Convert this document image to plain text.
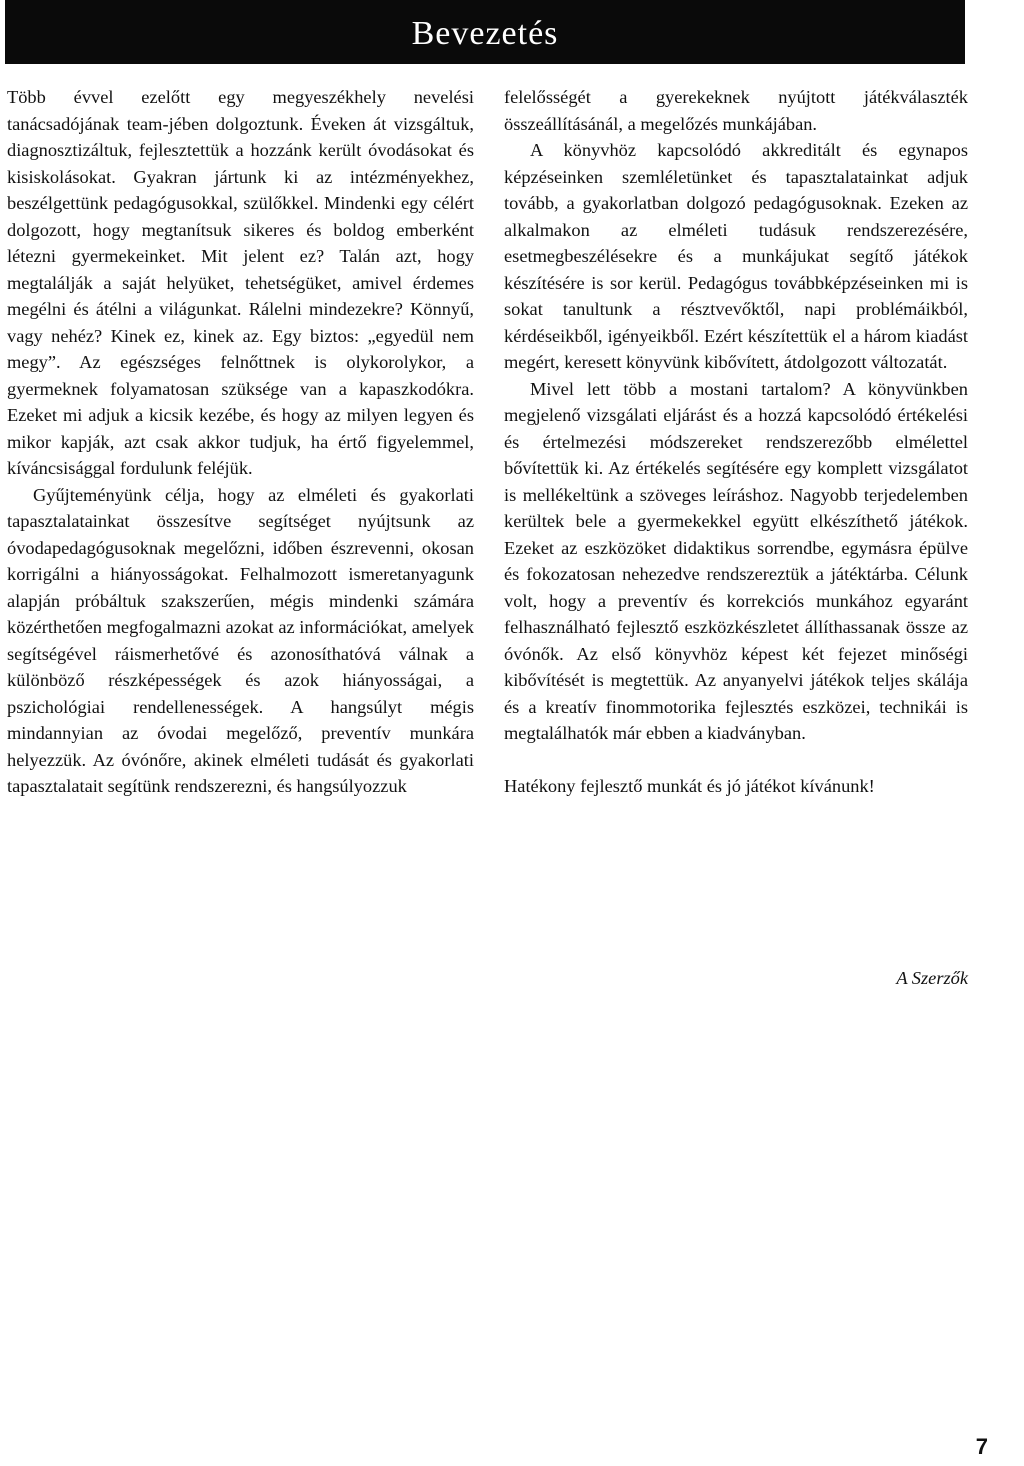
Bevezetés

Több évvel ezelőtt egy megyeszékhely nevelési tanácsadójának team-jében dolgoztunk. Éveken át vizsgáltuk, diagnosztizáltuk, fejlesztettük a hozzánk került óvodásokat és kisiskolásokat. Gyakran jártunk ki az intézményekhez, beszélgettünk pedagógusokkal, szülőkkel. Mindenki egy célért dolgozott, hogy megtanítsuk sikeres és boldog emberként létezni gyermekeinket. Mit jelent ez? Talán azt, hogy megtalálják a saját helyüket, tehetségüket, amivel érdemes megélni és átélni a világunkat. Rálelni mindezekre? Könnyű, vagy nehéz? Kinek ez, kinek az. Egy biztos: „egyedül nem megy”. Az egészséges felnőttnek is olykorolykor, a gyermeknek folyamatosan szüksége van a kapaszkodókra. Ezeket mi adjuk a kicsik kezébe, és hogy az milyen legyen és mikor kapják, azt csak akkor tudjuk, ha értő figyelemmel, kíváncsisággal fordulunk feléjük.

Gyűjteményünk célja, hogy az elméleti és gyakorlati tapasztalatainkat összesítve segítséget nyújtsunk az óvodapedagógusoknak megelőzni, időben észrevenni, okosan korrigálni a hiányosságokat. Felhalmozott ismeretanyagunk alapján próbáltuk szakszerűen, mégis mindenki számára közérthetően megfogalmazni azokat az információkat, amelyek segítségével ráismerhetővé és azonosíthatóvá válnak a különböző részképességek és azok hiányosságai, a pszichológiai rendellenességek. A hangsúlyt mégis mindannyian az óvodai megelőző, preventív munkára helyezzük. Az óvónőre, akinek elméleti tudását és gyakorlati tapasztalatait segítünk rendszerezni, és hangsúlyozzuk

felelősségét a gyerekeknek nyújtott játékválaszték összeállításánál, a megelőzés munkájában.

A könyvhöz kapcsolódó akkreditált és egynapos képzéseinken szemléletünket és tapasztalatainkat adjuk tovább, a gyakorlatban dolgozó pedagógusoknak. Ezeken az alkalmakon az elméleti tudásuk rendszerezésére, esetmegbeszélésekre és a munkájukat segítő játékok készítésére is sor kerül. Pedagógus továbbképzéseinken mi is sokat tanultunk a résztvevőktől, napi problémáikból, kérdéseikből, igényeikből. Ezért készítettük el a három kiadást megért, keresett könyvünk kibővített, átdolgozott változatát.

Mivel lett több a mostani tartalom? A könyvünkben megjelenő vizsgálati eljárást és a hozzá kapcsolódó értékelési és értelmezési módszereket rendszerezőbb elmélettel bővítettük ki. Az értékelés segítésére egy komplett vizsgálatot is mellékeltünk a szöveges leíráshoz. Nagyobb terjedelemben kerültek bele a gyermekekkel együtt elkészíthető játékok. Ezeket az eszközöket didaktikus sorrendbe, egymásra épülve és fokozatosan nehezedve rendszereztük a játéktárba. Célunk volt, hogy a preventív és korrekciós munkához egyaránt felhasználható fejlesztő eszközkészletet állíthassanak össze az óvónők. Az első könyvhöz képest két fejezet minőségi kibővítését is megtettük. Az anyanyelvi játékok teljes skálája és a kreatív finommotorika fejlesztés eszközei, technikái is megtalálhatók már ebben a kiadványban.

Hatékony fejlesztő munkát és jó játékot kívánunk!

A Szerzők
7
